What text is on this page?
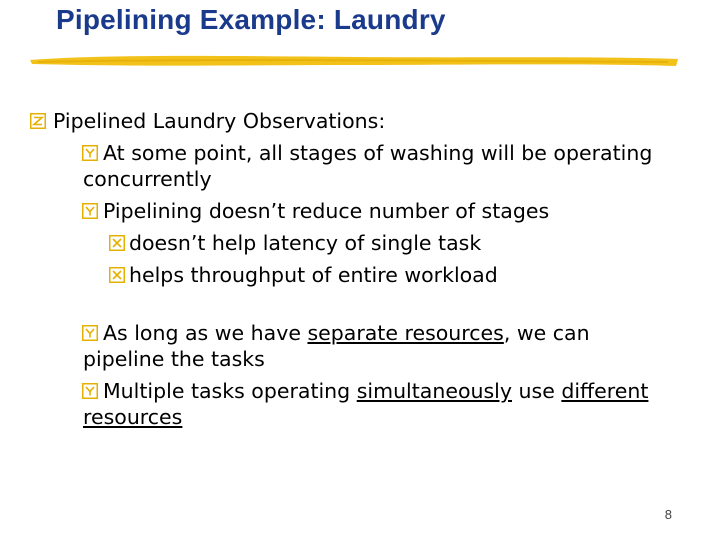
Pipelining Example: Laundry
Pipelined Laundry Observations:
At some point, all stages of washing will be operating
concurrently
Pipelining doesn’t reduce number of stages
doesn’t help latency of single task
helps throughput of entire workload
As long as we have separate resources, we can
pipeline the tasks
Multiple tasks operating simultaneously use different
resources
8
